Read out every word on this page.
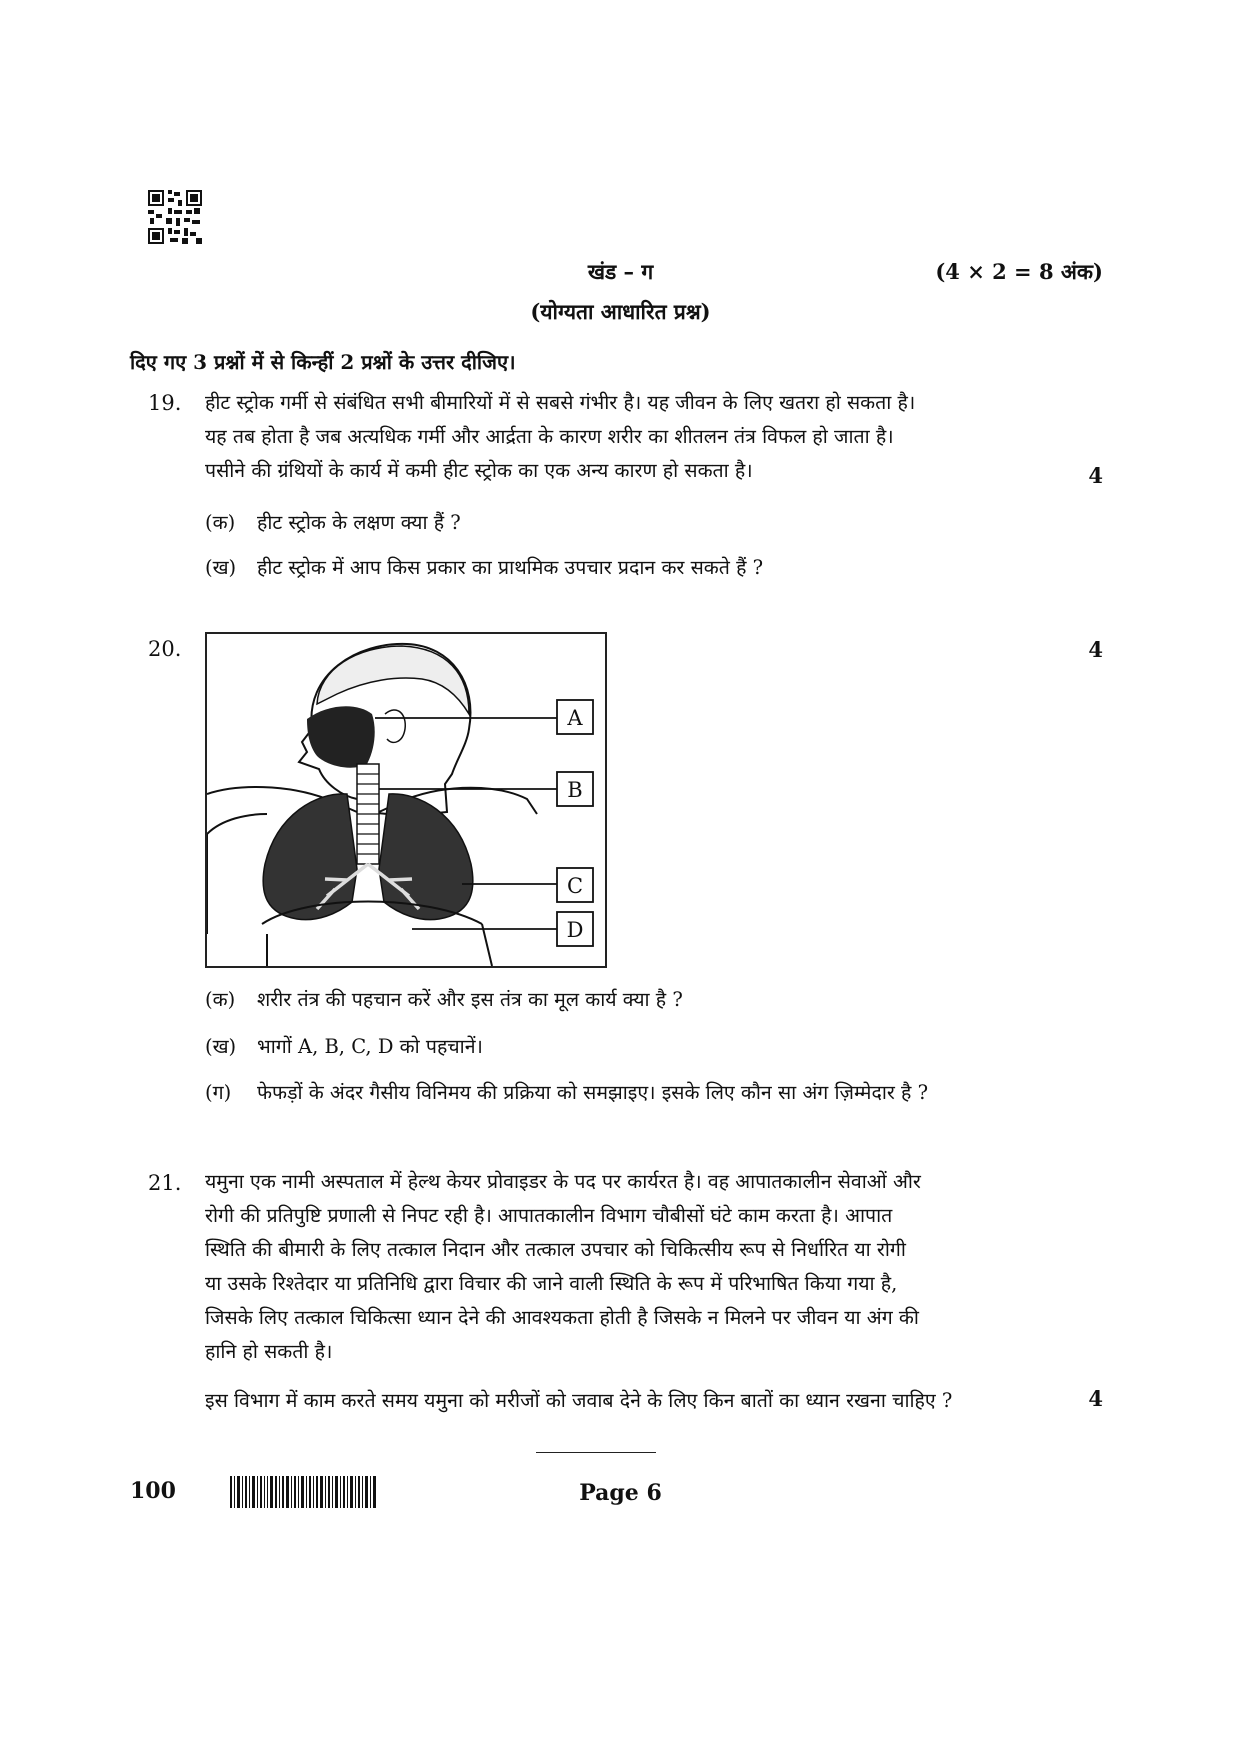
खंड – ग	(4 × 2 = 8 अंक)
(योग्यता आधारित प्रश्न)
दिए गए 3 प्रश्नों में से किन्हीं 2 प्रश्नों के उत्तर दीजिए।
19. हीट स्ट्रोक गर्मी से संबंधित सभी बीमारियों में से सबसे गंभीर है। यह जीवन के लिए खतरा हो सकता है।
यह तब होता है जब अत्यधिक गर्मी और आर्द्रता के कारण शरीर का शीतलन तंत्र विफल हो जाता है।
पसीने की ग्रंथियों के कार्य में कमी हीट स्ट्रोक का एक अन्य कारण हो सकता है।	4
(क) हीट स्ट्रोक के लक्षण क्या हैं ?
(ख) हीट स्ट्रोक में आप किस प्रकार का प्राथमिक उपचार प्रदान कर सकते हैं ?
20.	4
A
B
C
D
(क) शरीर तंत्र की पहचान करें और इस तंत्र का मूल कार्य क्या है ?
(ख) भागों A, B, C, D को पहचानें।
(ग) फेफड़ों के अंदर गैसीय विनिमय की प्रक्रिया को समझाइए। इसके लिए कौन सा अंग ज़िम्मेदार है ?
21. यमुना एक नामी अस्पताल में हेल्थ केयर प्रोवाइडर के पद पर कार्यरत है। वह आपातकालीन सेवाओं और
रोगी की प्रतिपुष्टि प्रणाली से निपट रही है। आपातकालीन विभाग चौबीसों घंटे काम करता है। आपात
स्थिति की बीमारी के लिए तत्काल निदान और तत्काल उपचार को चिकित्सीय रूप से निर्धारित या रोगी
या उसके रिश्तेदार या प्रतिनिधि द्वारा विचार की जाने वाली स्थिति के रूप में परिभाषित किया गया है,
जिसके लिए तत्काल चिकित्सा ध्यान देने की आवश्यकता होती है जिसके न मिलने पर जीवन या अंग की
हानि हो सकती है।
इस विभाग में काम करते समय यमुना को मरीजों को जवाब देने के लिए किन बातों का ध्यान रखना चाहिए ?	4
100	Page 6
